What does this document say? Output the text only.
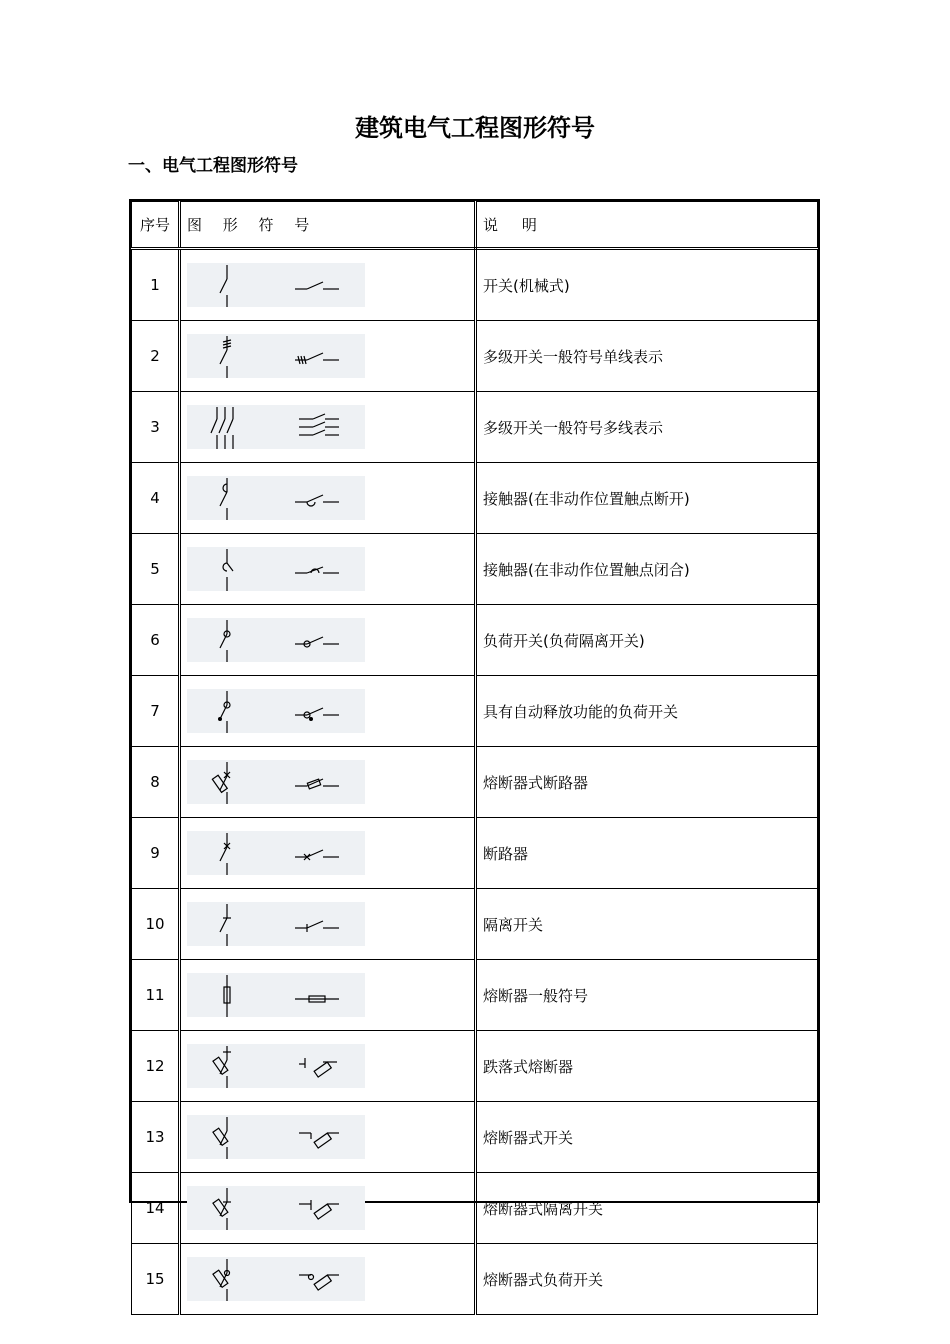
建筑电气工程图形符号
一、电气工程图形符号
序号	图 形 符 号	说     明
1		开关(机械式)
2		多级开关一般符号单线表示
3		多级开关一般符号多线表示
4		接触器(在非动作位置触点断开)
5		接触器(在非动作位置触点闭合)
6		负荷开关(负荷隔离开关)
7		具有自动释放功能的负荷开关
8		熔断器式断路器
9		断路器
10		隔离开关
11		熔断器一般符号
12		跌落式熔断器
13		熔断器式开关
14		熔断器式隔离开关
15		熔断器式负荷开关
